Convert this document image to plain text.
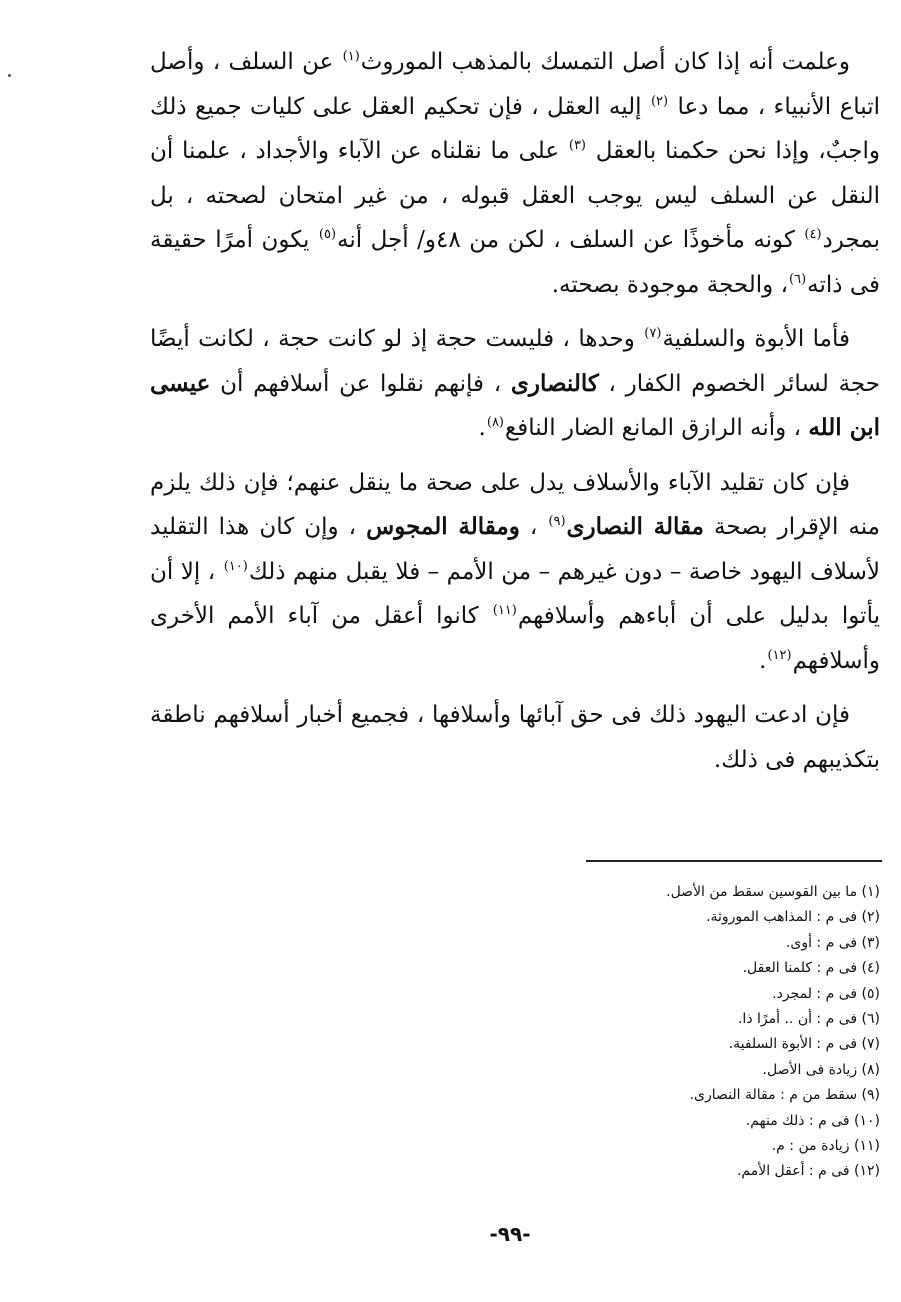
وعلمت أنه إذا كان أصل التمسك بالمذهب الموروث$^{(١)}$ عن السلف ، وأصل اتباع الأنبياء ، مما دعا $^{(٢)}$ إليه العقل ، فإن تحكيم العقل على كليات جميع ذلك واجبٌ، وإذا نحن حكمنا بالعقل $^{(٣)}$ على ما نقلناه عن الآباء والأجداد ، علمنا أن النقل عن السلف ليس يوجب العقل قبوله ، من غير امتحان لصحته ، بل بمجرد$^{(٤)}$ كونه مأخوذًا عن السلف ، لكن من ٤٨و/ أجل أنه$^{(٥)}$ يكون أمرًا حقيقة فى ذاته$^{(٦)}$، والحجة موجودة بصحته.

فأما الأبوة والسلفية$^{(٧)}$ وحدها ، فليست حجة إذ لو كانت حجة ، لكانت أيضًا حجة لسائر الخصوم الكفار ، كالنصارى ، فإنهم نقلوا عن أسلافهم أن عيسى ابن الله ، وأنه الرازق المانع الضار النافع$^{(٨)}$.

فإن كان تقليد الآباء والأسلاف يدل على صحة ما ينقل عنهم؛ فإن ذلك يلزم منه الإقرار بصحة مقالة النصارى$^{(٩)}$ ، ومقالة المجوس ، وإن كان هذا التقليد لأسلاف اليهود خاصة – دون غيرهم – من الأمم – فلا يقبل منهم ذلك$^{(١٠)}$ ، إلا أن يأتوا بدليل على أن أباءهم وأسلافهم$^{(١١)}$ كانوا أعقل من آباء الأمم الأخرى وأسلافهم$^{(١٢)}$.

فإن ادعت اليهود ذلك فى حق آبائها وأسلافها ، فجميع أخبار أسلافهم ناطقة بتكذيبهم فى ذلك.

(١) ما بين القوسين سقط من الأصل.
(٢) فى م : المذاهب الموروثة.
(٣) فى م : أوى.
(٤) فى م : كلمنا العقل.
(٥) فى م : لمجرد.
(٦) فى م : أن .. أمرًا ذا.
(٧) فى م : الأبوة السلفية.
(٨) زيادة فى الأصل.
(٩) سقط من م : مقالة النصارى.
(١٠) فى م : ذلك منهم.
(١١) زيادة من : م.
(١٢) فى م : أعقل الأمم.
-٩٩-
